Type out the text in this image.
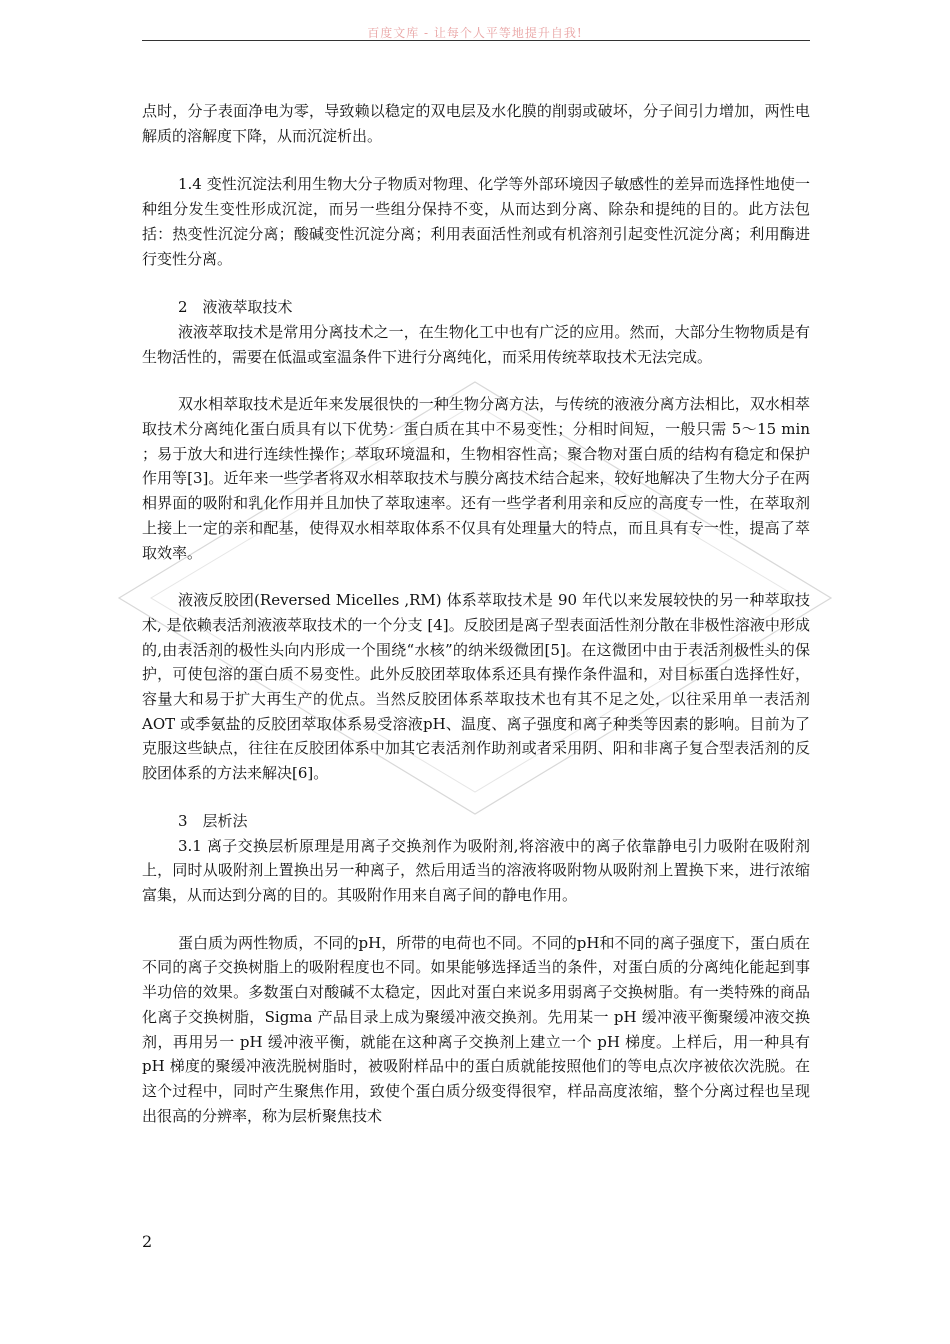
百度文库 - 让每个人平等地提升自我!

点时，分子表面净电为零，导致赖以稳定的双电层及水化膜的削弱或破坏，分子间引力增加，两性电解质的溶解度下降，从而沉淀析出。

1.4 变性沉淀法利用生物大分子物质对物理、化学等外部环境因子敏感性的差异而选择性地使一种组分发生变性形成沉淀，而另一些组分保持不变，从而达到分离、除杂和提纯的目的。此方法包括：热变性沉淀分离；酸碱变性沉淀分离；利用表面活性剂或有机溶剂引起变性沉淀分离；利用酶进行变性分离。

2　液液萃取技术

液液萃取技术是常用分离技术之一，在生物化工中也有广泛的应用。然而，大部分生物物质是有生物活性的，需要在低温或室温条件下进行分离纯化，而采用传统萃取技术无法完成。

双水相萃取技术是近年来发展很快的一种生物分离方法，与传统的液液分离方法相比，双水相萃取技术分离纯化蛋白质具有以下优势：蛋白质在其中不易变性；分相时间短，一般只需 5～15 min ；易于放大和进行连续性操作；萃取环境温和，生物相容性高；聚合物对蛋白质的结构有稳定和保护作用等[3]。近年来一些学者将双水相萃取技术与膜分离技术结合起来，较好地解决了生物大分子在两相界面的吸附和乳化作用并且加快了萃取速率。还有一些学者利用亲和反应的高度专一性，在萃取剂上接上一定的亲和配基，使得双水相萃取体系不仅具有处理量大的特点，而且具有专一性，提高了萃取效率。

液液反胶团(Reversed Micelles ,RM) 体系萃取技术是 90 年代以来发展较快的另一种萃取技术, 是依赖表活剂液液萃取技术的一个分支 [4]。反胶团是离子型表面活性剂分散在非极性溶液中形成的,由表活剂的极性头向内形成一个围绕“水核”的纳米级微团[5]。在这微团中由于表活剂极性头的保护，可使包溶的蛋白质不易变性。此外反胶团萃取体系还具有操作条件温和，对目标蛋白选择性好，容量大和易于扩大再生产的优点。当然反胶团体系萃取技术也有其不足之处，以往采用单一表活剂 AOT 或季氨盐的反胶团萃取体系易受溶液pH、温度、离子强度和离子种类等因素的影响。目前为了克服这些缺点，往往在反胶团体系中加其它表活剂作助剂或者采用阴、阳和非离子复合型表活剂的反胶团体系的方法来解决[6]。

3　层析法

3.1 离子交换层析原理是用离子交换剂作为吸附剂,将溶液中的离子依靠静电引力吸附在吸附剂上，同时从吸附剂上置换出另一种离子，然后用适当的溶液将吸附物从吸附剂上置换下来，进行浓缩富集，从而达到分离的目的。其吸附作用来自离子间的静电作用。

蛋白质为两性物质，不同的pH，所带的电荷也不同。不同的pH和不同的离子强度下，蛋白质在不同的离子交换树脂上的吸附程度也不同。如果能够选择适当的条件，对蛋白质的分离纯化能起到事半功倍的效果。多数蛋白对酸碱不太稳定，因此对蛋白来说多用弱离子交换树脂。有一类特殊的商品化离子交换树脂，Sigma 产品目录上成为聚缓冲液交换剂。先用某一 pH 缓冲液平衡聚缓冲液交换剂，再用另一 pH 缓冲液平衡，就能在这种离子交换剂上建立一个 pH 梯度。上样后，用一种具有 pH 梯度的聚缓冲液洗脱树脂时，被吸附样品中的蛋白质就能按照他们的等电点次序被依次洗脱。在这个过程中，同时产生聚焦作用，致使个蛋白质分级变得很窄，样品高度浓缩，整个分离过程也呈现出很高的分辨率，称为层析聚焦技术

2
